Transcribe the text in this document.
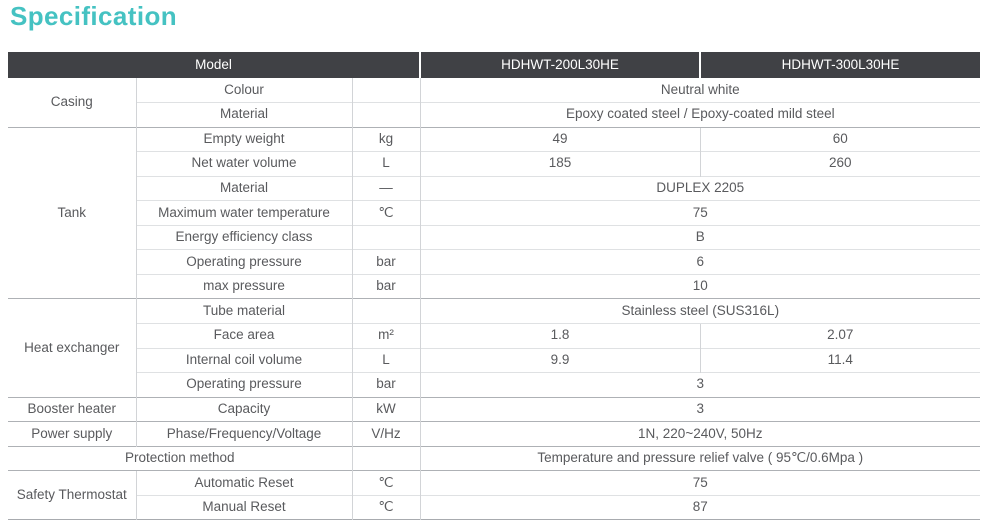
Specification
Model			HDHWT-200L30HE	HDHWT-300L30HE
Casing	Colour		Neutral white	
	Material		Epoxy coated steel / Epoxy-coated mild steel	
Tank	Empty weight	kg	49	60
	Net water volume	L	185	260
	Material	—	DUPLEX 2205	
	Maximum water temperature	℃	75	
	Energy efficiency class		B	
	Operating pressure	bar	6	
	max pressure	bar	10	
Heat exchanger	Tube material		Stainless steel (SUS316L)	
	Face area	m²	1.8	2.07
	Internal coil volume	L	9.9	11.4
	Operating pressure	bar	3	
Booster heater	Capacity	kW	3	
Power supply	Phase/Frequency/Voltage	V/Hz	1N, 220~240V, 50Hz	
Protection method			Temperature and pressure relief valve ( 95℃/0.6Mpa )	
Safety Thermostat	Automatic Reset	℃	75	
	Manual Reset	℃	87	
